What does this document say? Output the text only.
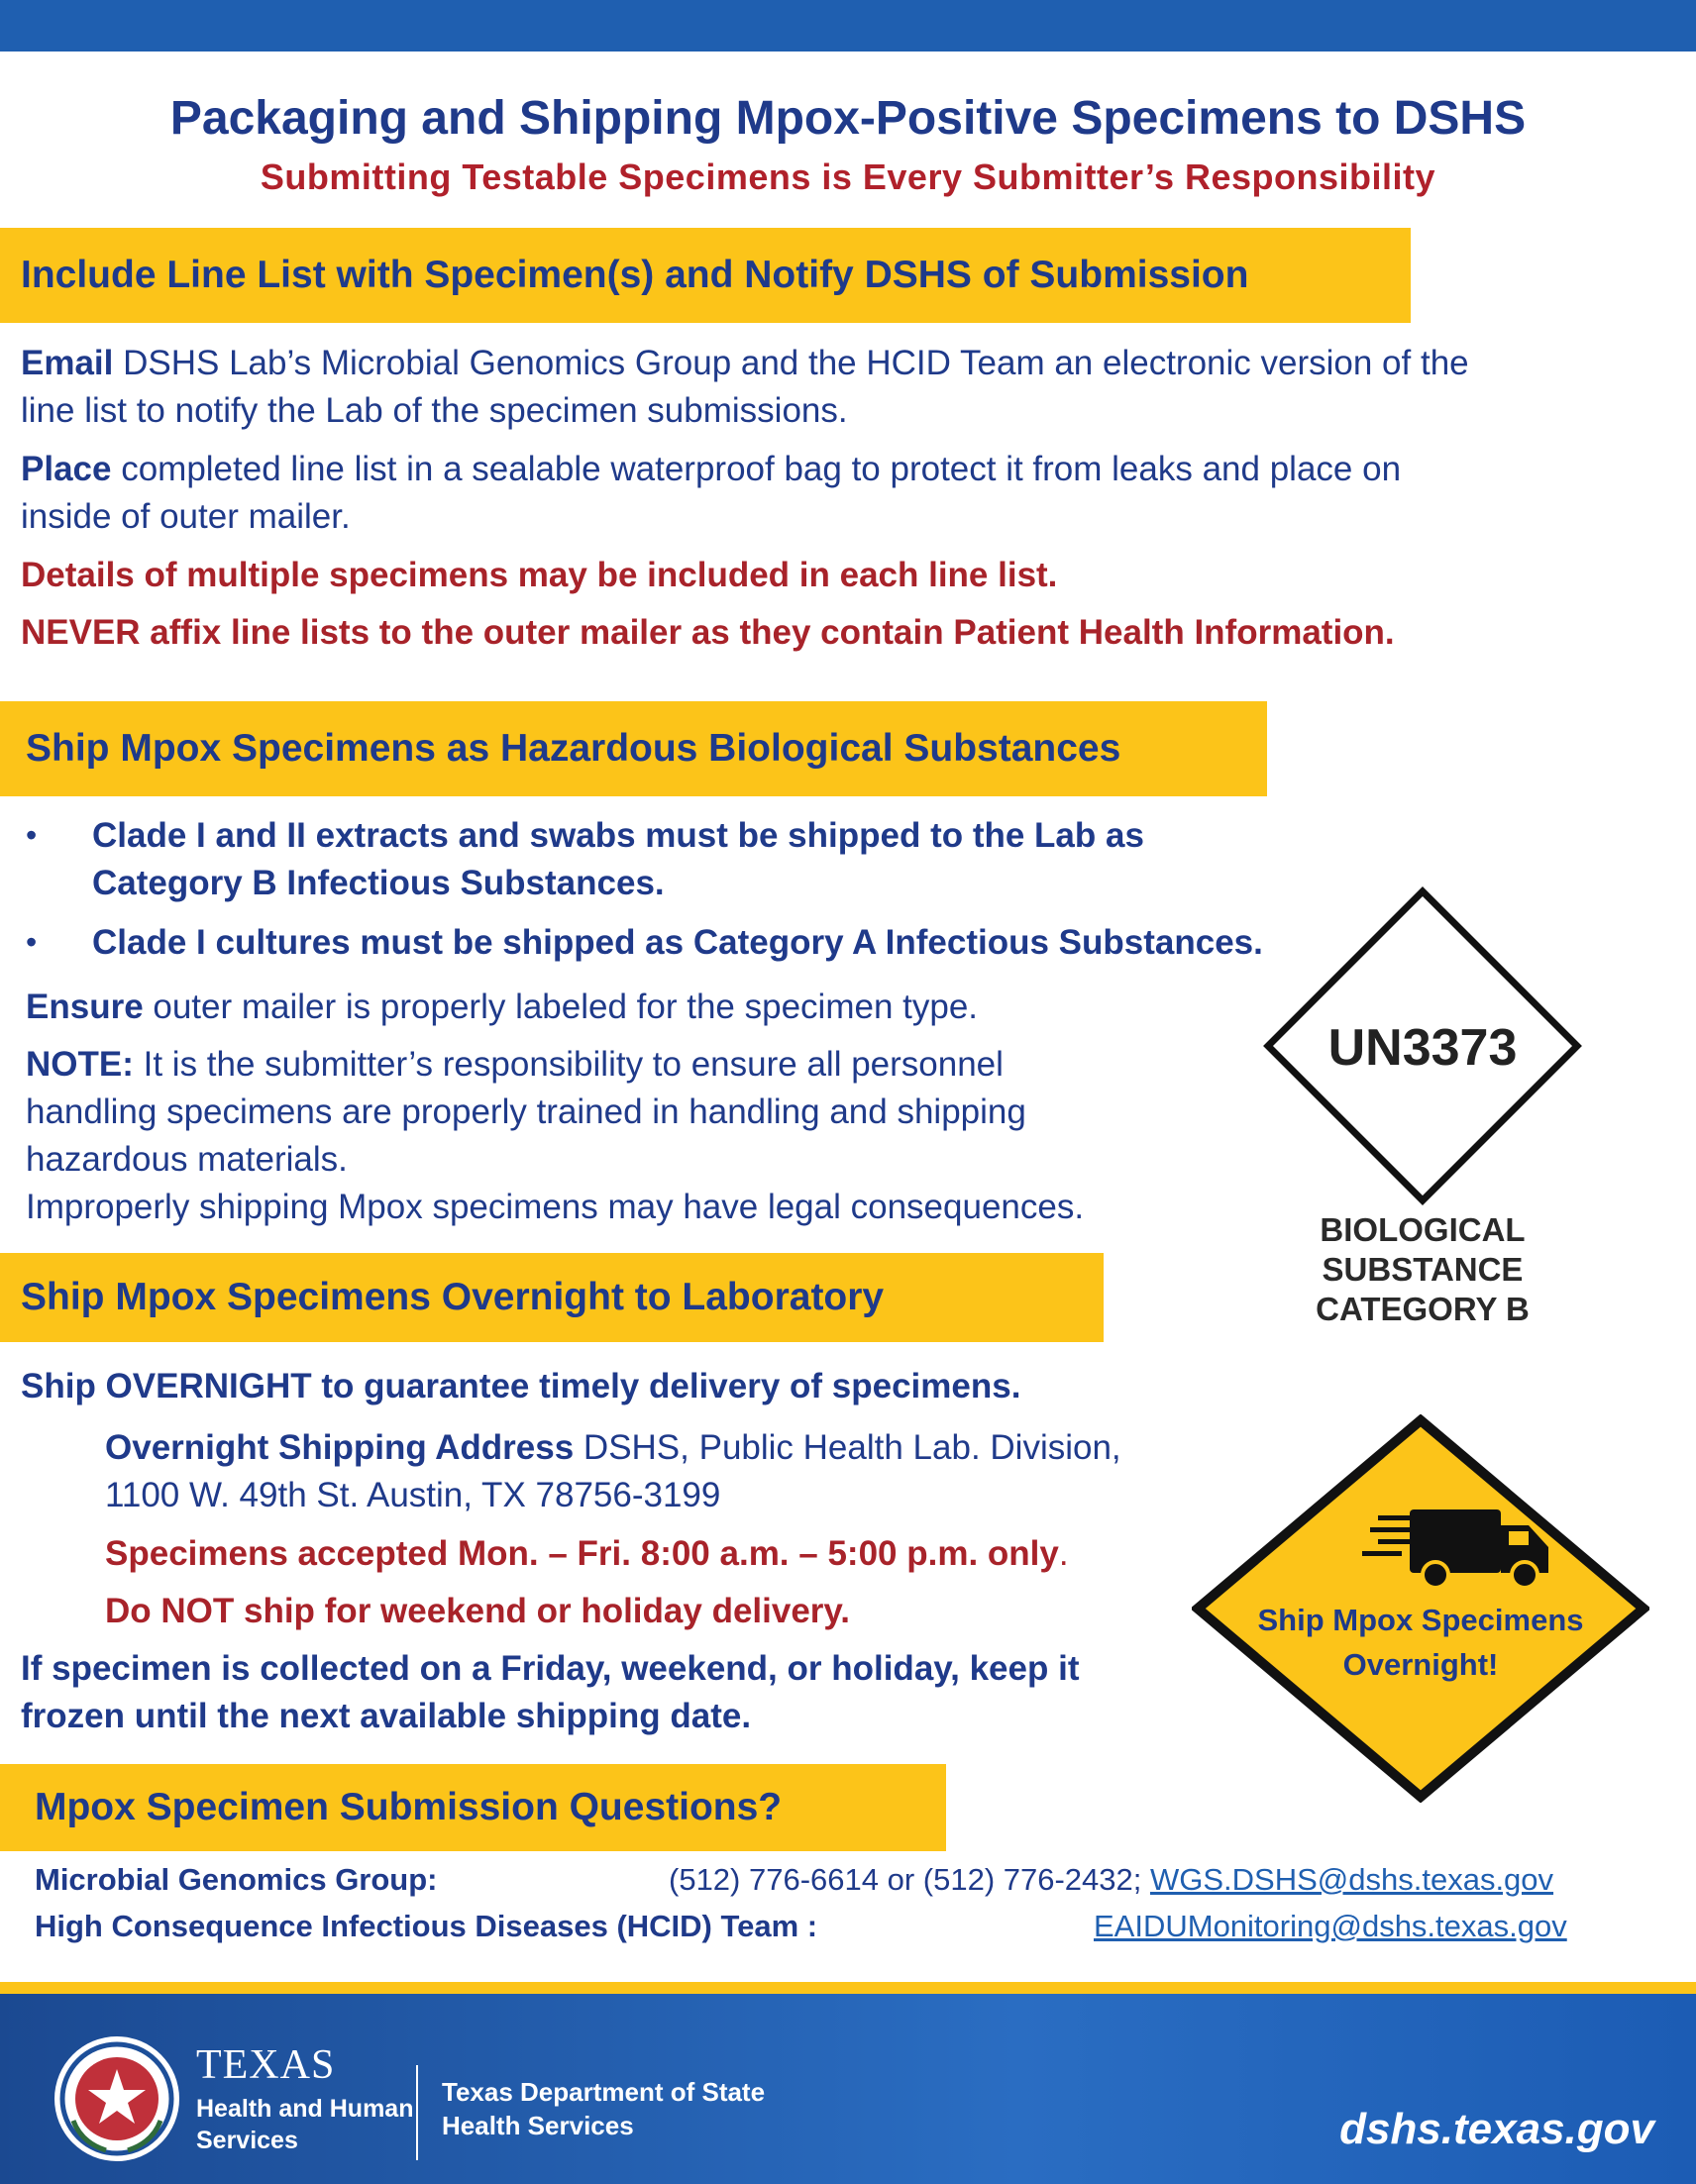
Packaging and Shipping Mpox-Positive Specimens to DSHS
Submitting Testable Specimens is Every Submitter’s Responsibility
Include Line List with Specimen(s) and Notify DSHS of Submission
Email DSHS Lab’s Microbial Genomics Group and the HCID Team an electronic version of the
line list to notify the Lab of the specimen submissions.
Place completed line list in a sealable waterproof bag to protect it from leaks and place on
inside of outer mailer.
Details of multiple specimens may be included in each line list.
NEVER affix line lists to the outer mailer as they contain Patient Health Information.
Ship Mpox Specimens as Hazardous Biological Substances
• Clade I and II extracts and swabs must be shipped to the Lab as
Category B Infectious Substances.
• Clade I cultures must be shipped as Category A Infectious Substances.
Ensure outer mailer is properly labeled for the specimen type.
NOTE: It is the submitter’s responsibility to ensure all personnel
handling specimens are properly trained in handling and shipping
hazardous materials.
Improperly shipping Mpox specimens may have legal consequences.
UN3373
BIOLOGICAL SUBSTANCE
CATEGORY B
Ship Mpox Specimens Overnight to Laboratory
Ship OVERNIGHT to guarantee timely delivery of specimens.
Overnight Shipping Address DSHS, Public Health Lab. Division,
1100 W. 49th St. Austin, TX 78756-3199
Specimens accepted Mon. – Fri. 8:00 a.m. – 5:00 p.m. only.
Do NOT ship for weekend or holiday delivery.
If specimen is collected on a Friday, weekend, or holiday, keep it
frozen until the next available shipping date.
Ship Mpox Specimens
Overnight!
Mpox Specimen Submission Questions?
Microbial Genomics Group:	(512) 776-6614 or (512) 776-2432; WGS.DSHS@dshs.texas.gov
High Consequence Infectious Diseases (HCID) Team :	EAIDUMonitoring@dshs.texas.gov
TEXAS
Health and Human
Services
Texas Department of State
Health Services	dshs.texas.gov
